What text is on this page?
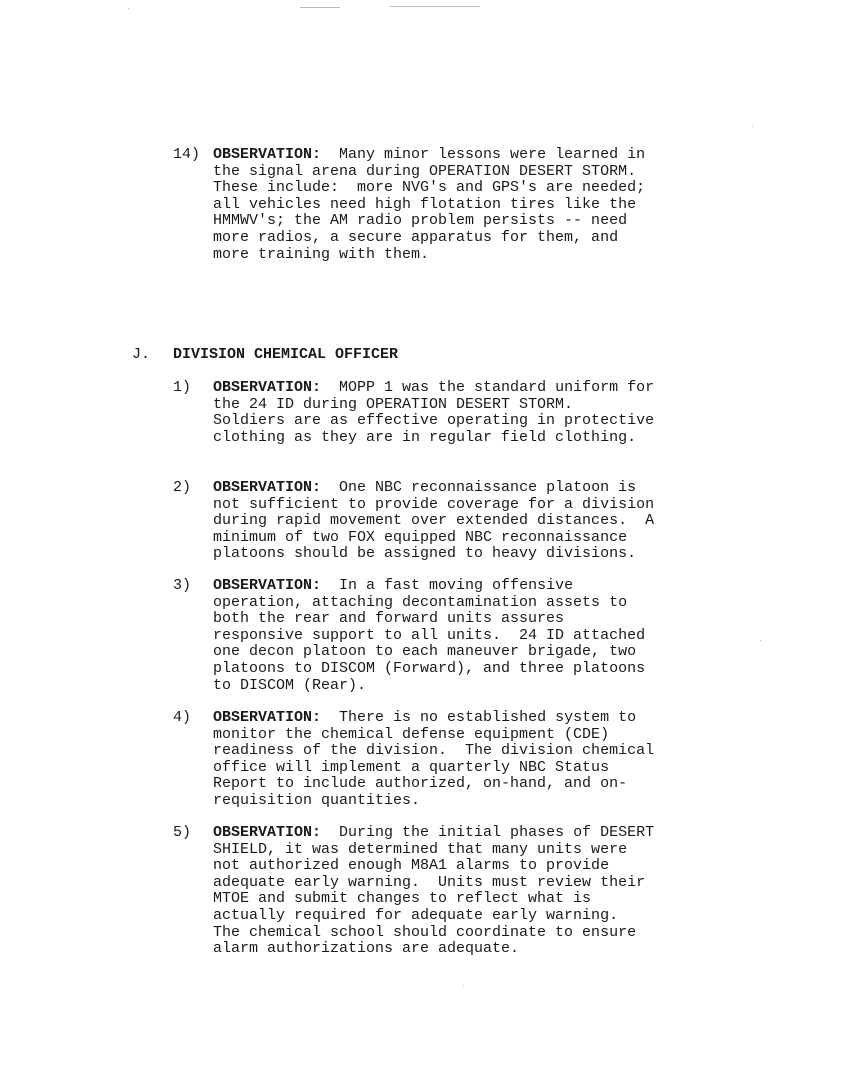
14) OBSERVATION:  Many minor lessons were learned in
the signal arena during OPERATION DESERT STORM.
These include:  more NVG's and GPS's are needed;
all vehicles need high flotation tires like the
HMMWV's; the AM radio problem persists -- need
more radios, a secure apparatus for them, and
more training with them.
J. DIVISION CHEMICAL OFFICER
1) OBSERVATION:  MOPP 1 was the standard uniform for
the 24 ID during OPERATION DESERT STORM.
Soldiers are as effective operating in protective
clothing as they are in regular field clothing.
2) OBSERVATION:  One NBC reconnaissance platoon is
not sufficient to provide coverage for a division
during rapid movement over extended distances.  A
minimum of two FOX equipped NBC reconnaissance
platoons should be assigned to heavy divisions.
3) OBSERVATION:  In a fast moving offensive
operation, attaching decontamination assets to
both the rear and forward units assures
responsive support to all units.  24 ID attached
one decon platoon to each maneuver brigade, two
platoons to DISCOM (Forward), and three platoons
to DISCOM (Rear).
4) OBSERVATION:  There is no established system to
monitor the chemical defense equipment (CDE)
readiness of the division.  The division chemical
office will implement a quarterly NBC Status
Report to include authorized, on-hand, and on-
requisition quantities.
5) OBSERVATION:  During the initial phases of DESERT
SHIELD, it was determined that many units were
not authorized enough M8A1 alarms to provide
adequate early warning.  Units must review their
MTOE and submit changes to reflect what is
actually required for adequate early warning.
The chemical school should coordinate to ensure
alarm authorizations are adequate.
